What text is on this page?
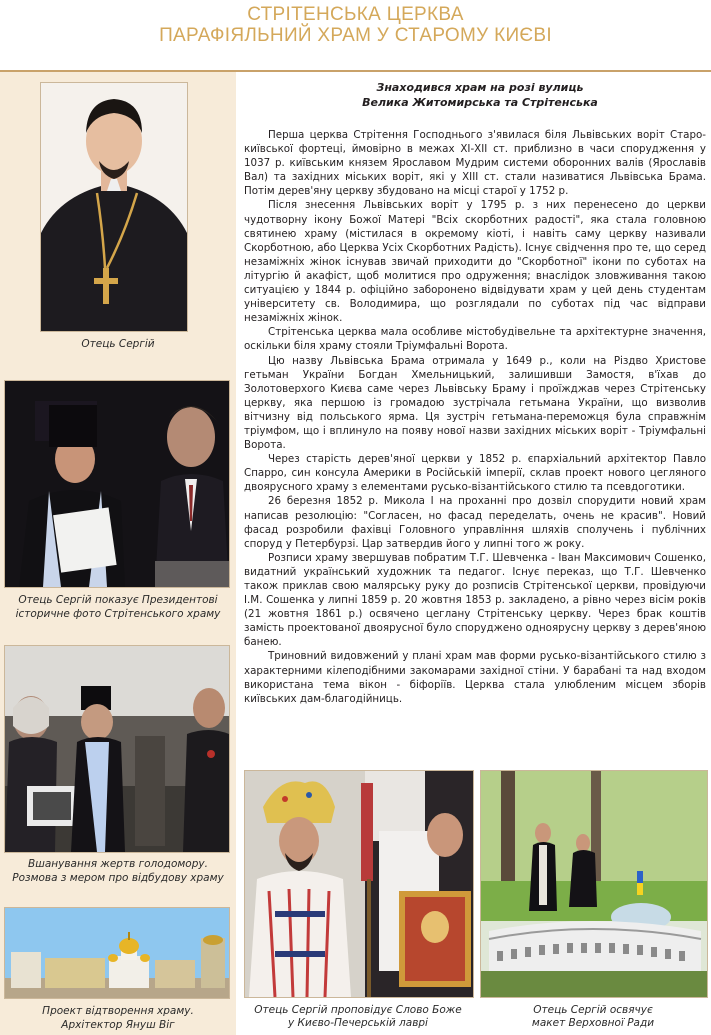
СТРІТЕНСЬКА ЦЕРКВА
ПАРАФІЯЛЬНИЙ ХРАМ У СТАРОМУ КИЄВІ
Отець Сергій
Отець Сергій показує Президентові
історичне фото Стрітенського храму
Вшанування жертв голодомору.
Розмова з мером про відбудову храму
Проект відтворення храму.
Архітектор Януш Віг
Знаходився храм на розі вулиць
Велика Житомирська та Стрітенська

Перша церква Стрітення Господнього з'явилася біля Львівських воріт Старо-київської фортеці, ймовірно в межах ХІ-ХІІ ст. приблизно в часи спорудження у 1037 р. київським князем Ярославом Мудрим системи оборонних валів (Ярославів Вал) та західних міських воріт, які у ХІІІ ст. стали називатися Львівська Брама. Потім дерев'яну церкву збудовано на місці старої у 1752 р.

Після знесення Львівських воріт у 1795 р. з них перенесено до церкви чудотворну ікону Божої Матері "Всіх скорботних радості", яка стала головною святинею храму (містилася в окремому кіоті, і навіть саму церкву називали Скорботною, або Церква Усіх Скорботних Радість). Існує свідчення про те, що серед незаміжніх жінок існував звичай приходити до "Скорботної" ікони по суботах на літургію й акафіст, щоб молитися про одруження; внаслідок зловживання такою ситуацією у 1844 р. офіційно заборонено відвідувати храм у цей день студентам університету св. Володимира, що розглядали по суботах під час відправи незаміжніх жінок.

Стрітенська церква мала особливе містобудівельне та архітектурне значення, оскільки біля храму стояли Тріумфальні Ворота.

Цю назву Львівська Брама отримала у 1649 р., коли на Різдво Христове гетьман України Богдан Хмельницький, залишивши Замостя, в'їхав до Золотоверхого Києва саме через Львівську Браму і проїжджав через Стрітенську церкву, яка першою із громадою зустрічала гетьмана України, що визволив вітчизну від польського ярма. Ця зустріч гетьмана-переможця була справжнім тріумфом, що і вплинуло на появу нової назви західних міських воріт - Тріумфальні Ворота.

Через старість дерев'яної церкви у 1852 р. єпархіальний архітектор Павло Спарро, син консула Америки в Російській імперії, склав проект нового цегляного двоярусного храму з елементами русько-візантійського стилю та псевдоготики.

26 березня 1852 р. Микола І на проханні про дозвіл спорудити новий храм написав резолюцію: "Согласен, но фасад переделать, очень не красив". Новий фасад розробили фахівці Головного управління шляхів сполучень і публічних споруд у Петербурзі. Цар затвердив його у липні того ж року.

Розписи храму звершував побратим Т.Г. Шевченка - Іван Максимович Сошенко, видатний український художник та педагог. Існує переказ, що Т.Г. Шевченко також приклав свою малярську руку до розписів Стрітенської церкви, провідуючи І.М. Сошенка у липні 1859 р. 20 жовтня 1853 р. закладено, а рівно через вісім років (21 жовтня 1861 р.) освячено цеглану Стрітенську церкву. Через брак коштів замість проектованої двоярусної було споруджено одноярусну церкву з дерев'яною банею.

Триновний видовжений у плані храм мав форми русько-візантійського стилю з характерними кілеподібними закомарами західної стіни. У барабані та над входом використана тема вікон - біфоріїв. Церква стала улюбленим місцем зборів київських дам-благодійниць.

Отець Сергій проповідує Слово Боже
у Києво-Печерській лаврі
Отець Сергій освячує
макет Верховної Ради
